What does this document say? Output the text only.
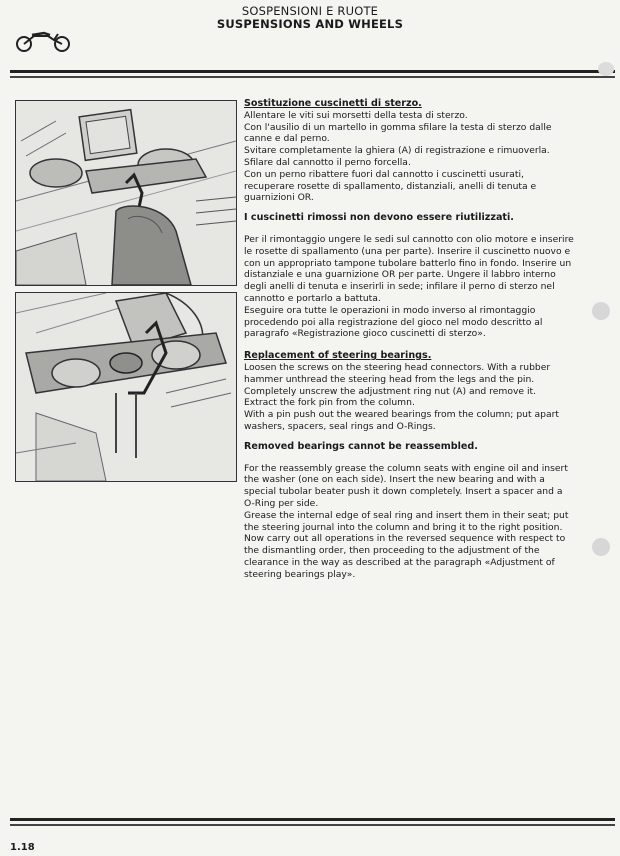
SOSPENSIONI E RUOTE
SUSPENSIONS AND WHEELS

Sostituzione cuscinetti di sterzo.

Allentare le viti sui morsetti della testa di sterzo.

Con l'ausilio di un martello in gomma sfilare la testa di sterzo dalle canne e dal perno.

Svitare completamente la ghiera (A) di registrazione e rimuoverla.

Sfilare dal cannotto il perno forcella.

Con un perno ribattere fuori dal cannotto i cuscinetti usurati, recuperare rosette di spallamento, distanziali, anelli di tenuta e guarnizioni OR.

I cuscinetti rimossi non devono essere riutilizzati.

Per il rimontaggio ungere le sedi sul cannotto con olio motore e inserire le rosette di spallamento (una per parte). Inserire il cuscinetto nuovo e con un appropriato tampone tubolare batterlo fino in fondo. Inserire un distanziale e una guarnizione OR per parte. Ungere il labbro interno degli anelli di tenuta e inserirli in sede; infilare il perno di sterzo nel cannotto e portarlo a battuta.

Eseguire ora tutte le operazioni in modo inverso al rimontaggio procedendo poi alla registrazione del gioco nel modo descritto al paragrafo «Registrazione gioco cuscinetti di sterzo».

Replacement of steering bearings.

Loosen the screws on the steering head connectors. With a rubber hammer unthread the steering head from the legs and the pin.

Completely unscrew the adjustment ring nut (A) and remove it.

Extract the fork pin from the column.

With a pin push out the weared bearings from the column; put apart washers, spacers, seal rings and O-Rings.

Removed bearings cannot be reassembled.

For the reassembly grease the column seats with engine oil and insert the washer (one on each side). Insert the new bearing and with a special tubolar beater push it down completely. Insert a spacer and a O-Ring per side.

Grease the internal edge of seal ring and insert them in their seat; put the steering journal into the column and bring it to the right position.

Now carry out all operations in the reversed sequence with respect to the dismantling order, then proceeding to the adjustment of the clearance in the way as described at the paragraph «Adjustment of steering bearings play».

1.18
